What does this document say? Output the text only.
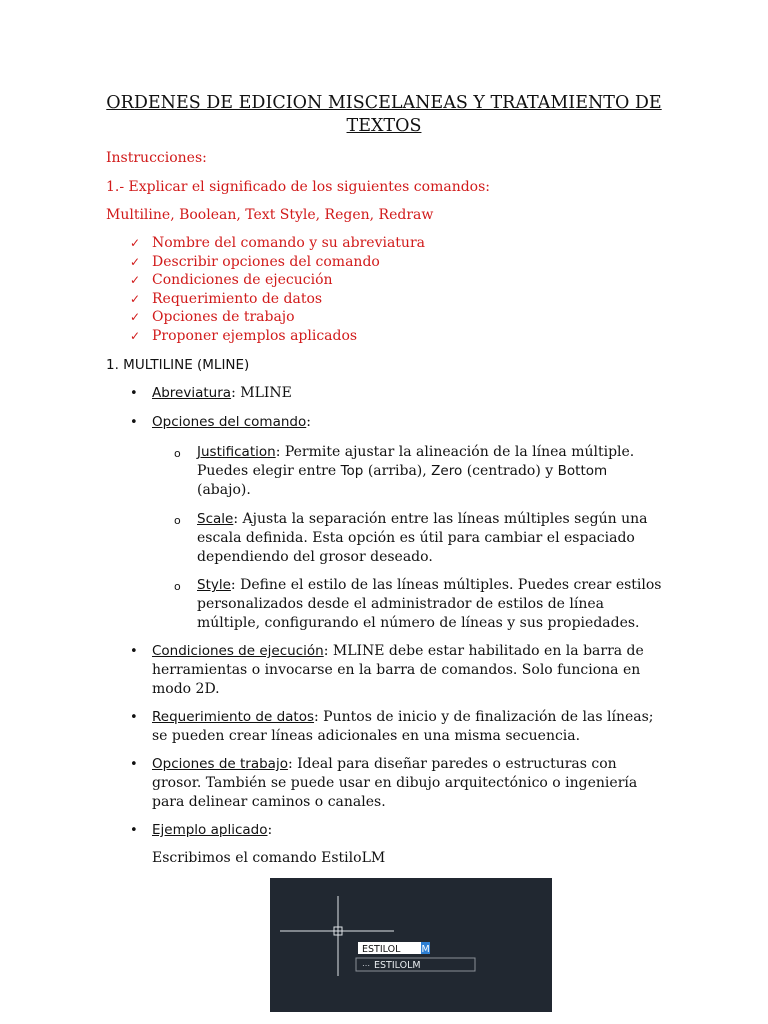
ORDENES DE EDICION MISCELANEAS Y TRATAMIENTO DE TEXTOS
Instrucciones:
1.- Explicar el significado de los siguientes comandos:
Multiline, Boolean, Text Style, Regen, Redraw
✓ Nombre del comando y su abreviatura
✓ Describir opciones del comando
✓ Condiciones de ejecución
✓ Requerimiento de datos
✓ Opciones de trabajo
✓ Proponer ejemplos aplicados
1. MULTILINE (MLINE)
• Abreviatura: MLINE
• Opciones del comando:
o Justification: Permite ajustar la alineación de la línea múltiple.
Puedes elegir entre Top (arriba), Zero (centrado) y Bottom
(abajo).
o Scale: Ajusta la separación entre las líneas múltiples según una
escala definida. Esta opción es útil para cambiar el espaciado
dependiendo del grosor deseado.
o Style: Define el estilo de las líneas múltiples. Puedes crear estilos
personalizados desde el administrador de estilos de línea
múltiple, configurando el número de líneas y sus propiedades.
• Condiciones de ejecución: MLINE debe estar habilitado en la barra de
herramientas o invocarse en la barra de comandos. Solo funciona en
modo 2D.
• Requerimiento de datos: Puntos de inicio y de finalización de las líneas;
se pueden crear líneas adicionales en una misma secuencia.
• Opciones de trabajo: Ideal para diseñar paredes o estructuras con
grosor. También se puede usar en dibujo arquitectónico o ingeniería
para delinear caminos o canales.
• Ejemplo aplicado:
Escribimos el comando EstiloLM
ESTILOL M
⋯ ESTILOLM
